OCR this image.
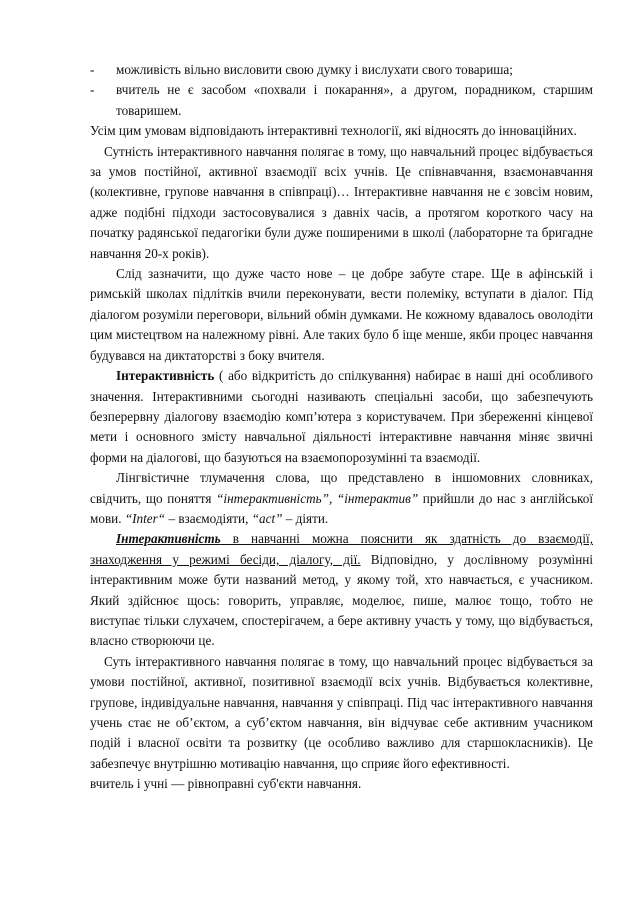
-	можливість вільно висловити свою думку і вислухати свого товариша;
-	вчитель не є засобом «похвали і покарання», а другом, порадником, старшим товаришем.

Усім цим умовам відповідають інтерактивні технології, які відносять до інноваційних.

Сутність інтерактивного навчання полягає в тому, що навчальний процес відбувається за умов постійної, активної взаємодії всіх учнів. Це співнавчання, взаємонавчання (колективне, групове навчання в співпраці)… Інтерактивне навчання не є зовсім новим, адже подібні підходи застосовувалися з давніх часів, а протягом короткого часу на початку радянської педагогіки були дуже поширеними в школі (лабораторне та бригадне навчання 20-х років).

Слід зазначити, що дуже часто нове – це добре забуте старе. Ще в афінській і римській школах підлітків вчили переконувати, вести полеміку, вступати в діалог. Під діалогом розуміли переговори, вільний обмін думками. Не кожному вдавалось оволодіти цим мистецтвом на належному рівні. Але таких було б іще менше, якби процес навчання будувався на диктаторстві з боку вчителя.

Інтерактивність ( або відкритість до спілкування) набирає в наші дні особливого значення. Інтерактивними сьогодні називають спеціальні засоби, що забезпечують безперервну діалогову взаємодію комп’ютера з користувачем. При збереженні кінцевої мети і основного змісту навчальної діяльності інтерактивне навчання міняє звичні форми на діалогові, що базуються на взаємопорозумінні та взаємодії.

Лінгвістичне тлумачення слова, що представлено в іншомовних словниках, свідчить, що поняття “інтерактивність”, “інтерактив” прийшли до нас з англійської мови. “Inter“ – взаємодіяти, “act” – діяти.

Інтерактивність в навчанні можна пояснити як здатність до взаємодії, знаходження у режимі бесіди, діалогу, дії. Відповідно, у дослівному розумінні інтерактивним може бути названий метод, у якому той, хто навчається, є учасником. Який здійснює щось: говорить, управляє, моделює, пише, малює тощо, тобто не виступає тільки слухачем, спостерігачем, а бере активну участь у тому, що відбувається, власно створюючи це.

Суть інтерактивного навчання полягає в тому, що навчальний процес відбувається за умови постійної, активної, позитивної взаємодії всіх учнів. Відбувається колективне, групове, індивідуальне навчання, навчання у співпраці. Під час інтерактивного навчання учень стає не об’єктом, а суб’єктом навчання, він відчуває себе активним учасником подій і власної освіти та розвитку (це особливо важливо для старшокласників). Це забезпечує внутрішню мотивацію навчання, що сприяє його ефективності.

вчитель і учні — рівноправні суб'єкти навчання.
